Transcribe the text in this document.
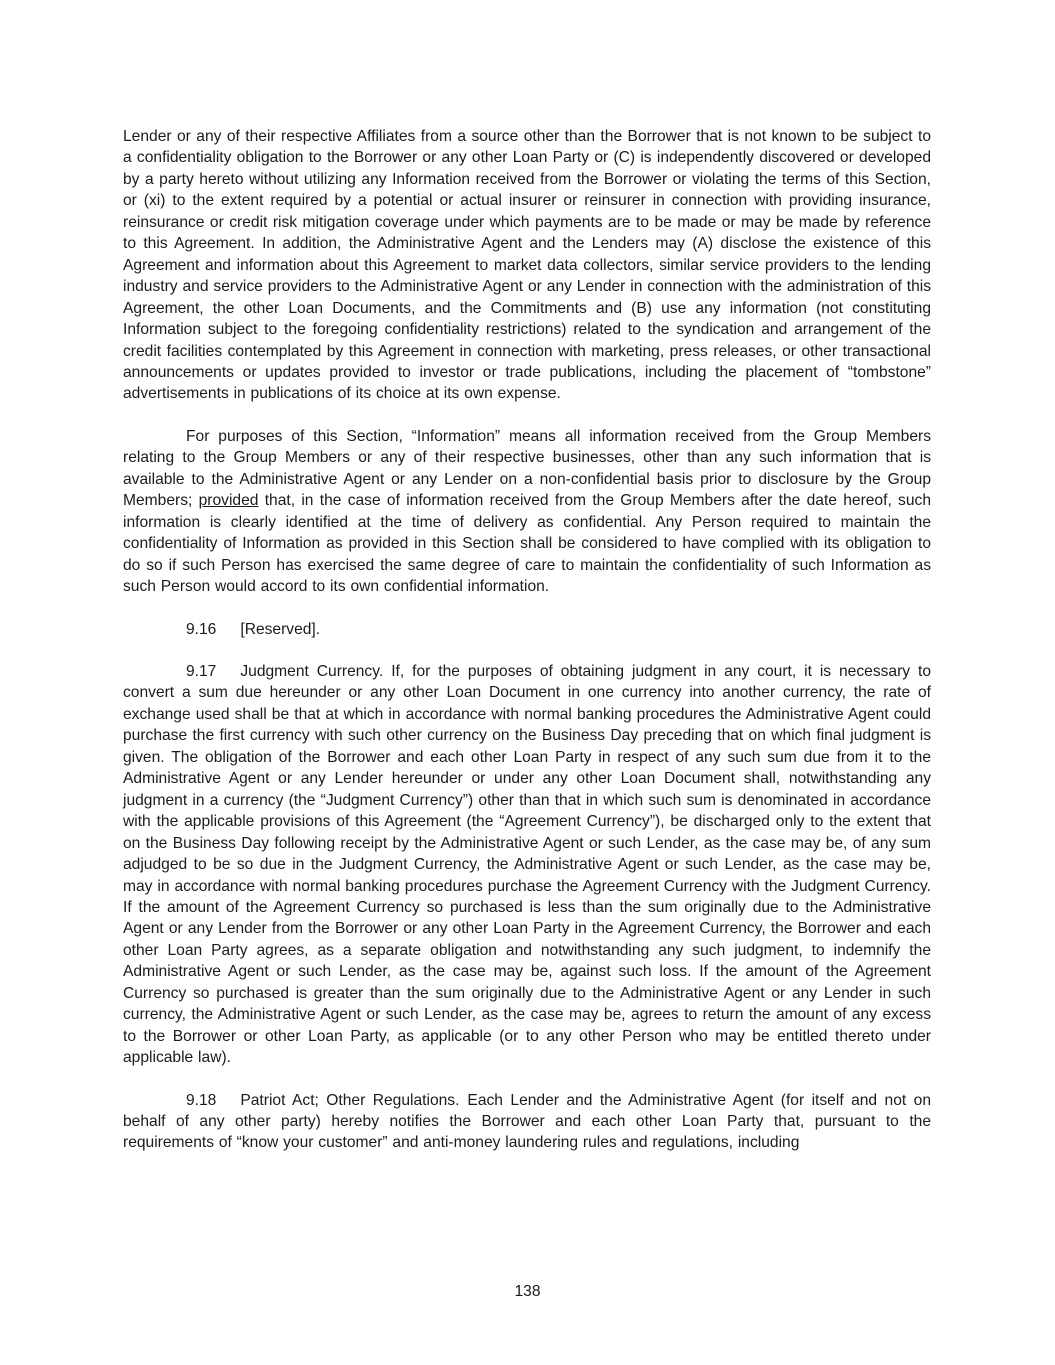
Lender or any of their respective Affiliates from a source other than the Borrower that is not known to be subject to a confidentiality obligation to the Borrower or any other Loan Party or (C) is independently discovered or developed by a party hereto without utilizing any Information received from the Borrower or violating the terms of this Section, or (xi) to the extent required by a potential or actual insurer or reinsurer in connection with providing insurance, reinsurance or credit risk mitigation coverage under which payments are to be made or may be made by reference to this Agreement. In addition, the Administrative Agent and the Lenders may (A) disclose the existence of this Agreement and information about this Agreement to market data collectors, similar service providers to the lending industry and service providers to the Administrative Agent or any Lender in connection with the administration of this Agreement, the other Loan Documents, and the Commitments and (B) use any information (not constituting Information subject to the foregoing confidentiality restrictions) related to the syndication and arrangement of the credit facilities contemplated by this Agreement in connection with marketing, press releases, or other transactional announcements or updates provided to investor or trade publications, including the placement of “tombstone” advertisements in publications of its choice at its own expense.

For purposes of this Section, “Information” means all information received from the Group Members relating to the Group Members or any of their respective businesses, other than any such information that is available to the Administrative Agent or any Lender on a non-confidential basis prior to disclosure by the Group Members; provided that, in the case of information received from the Group Members after the date hereof, such information is clearly identified at the time of delivery as confidential. Any Person required to maintain the confidentiality of Information as provided in this Section shall be considered to have complied with its obligation to do so if such Person has exercised the same degree of care to maintain the confidentiality of such Information as such Person would accord to its own confidential information.

9.16 [Reserved].

9.17 Judgment Currency. If, for the purposes of obtaining judgment in any court, it is necessary to convert a sum due hereunder or any other Loan Document in one currency into another currency, the rate of exchange used shall be that at which in accordance with normal banking procedures the Administrative Agent could purchase the first currency with such other currency on the Business Day preceding that on which final judgment is given. The obligation of the Borrower and each other Loan Party in respect of any such sum due from it to the Administrative Agent or any Lender hereunder or under any other Loan Document shall, notwithstanding any judgment in a currency (the “Judgment Currency”) other than that in which such sum is denominated in accordance with the applicable provisions of this Agreement (the “Agreement Currency”), be discharged only to the extent that on the Business Day following receipt by the Administrative Agent or such Lender, as the case may be, of any sum adjudged to be so due in the Judgment Currency, the Administrative Agent or such Lender, as the case may be, may in accordance with normal banking procedures purchase the Agreement Currency with the Judgment Currency. If the amount of the Agreement Currency so purchased is less than the sum originally due to the Administrative Agent or any Lender from the Borrower or any other Loan Party in the Agreement Currency, the Borrower and each other Loan Party agrees, as a separate obligation and notwithstanding any such judgment, to indemnify the Administrative Agent or such Lender, as the case may be, against such loss. If the amount of the Agreement Currency so purchased is greater than the sum originally due to the Administrative Agent or any Lender in such currency, the Administrative Agent or such Lender, as the case may be, agrees to return the amount of any excess to the Borrower or other Loan Party, as applicable (or to any other Person who may be entitled thereto under applicable law).

9.18 Patriot Act; Other Regulations. Each Lender and the Administrative Agent (for itself and not on behalf of any other party) hereby notifies the Borrower and each other Loan Party that, pursuant to the requirements of “know your customer” and anti-money laundering rules and regulations, including

138
